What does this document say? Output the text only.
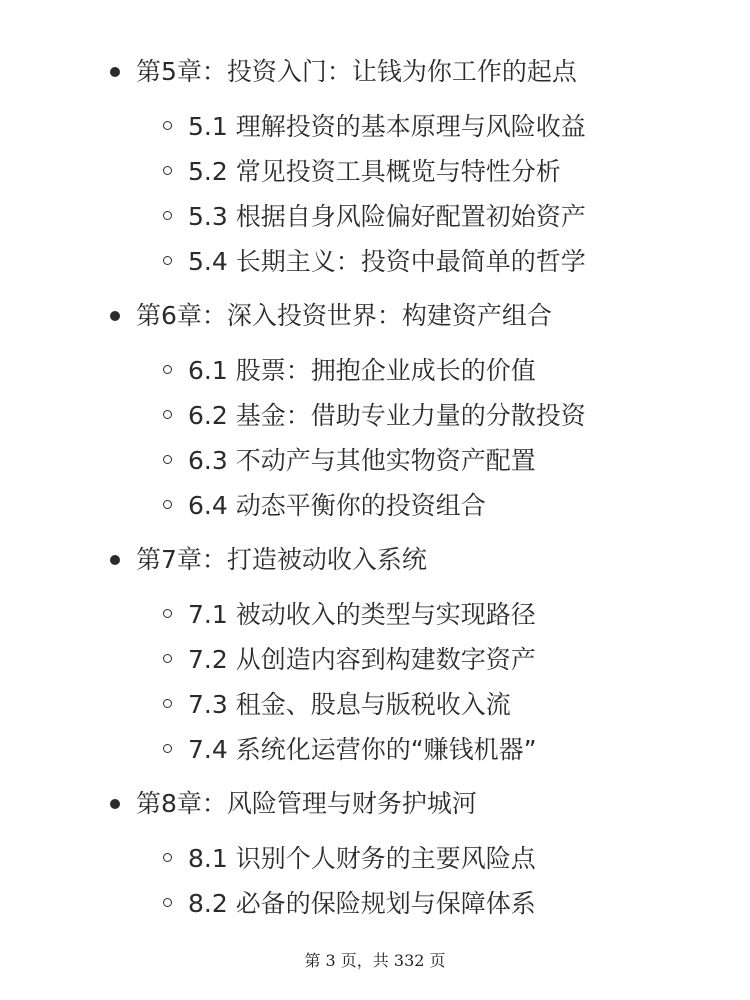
第5章：投资入门：让钱为你工作的起点
5.1 理解投资的基本原理与风险收益
5.2 常见投资工具概览与特性分析
5.3 根据自身风险偏好配置初始资产
5.4 长期主义：投资中最简单的哲学
第6章：深入投资世界：构建资产组合
6.1 股票：拥抱企业成长的价值
6.2 基金：借助专业力量的分散投资
6.3 不动产与其他实物资产配置
6.4 动态平衡你的投资组合
第7章：打造被动收入系统
7.1 被动收入的类型与实现路径
7.2 从创造内容到构建数字资产
7.3 租金、股息与版税收入流
7.4 系统化运营你的“赚钱机器”
第8章：风险管理与财务护城河
8.1 识别个人财务的主要风险点
8.2 必备的保险规划与保障体系
第 3 页，共 332 页
